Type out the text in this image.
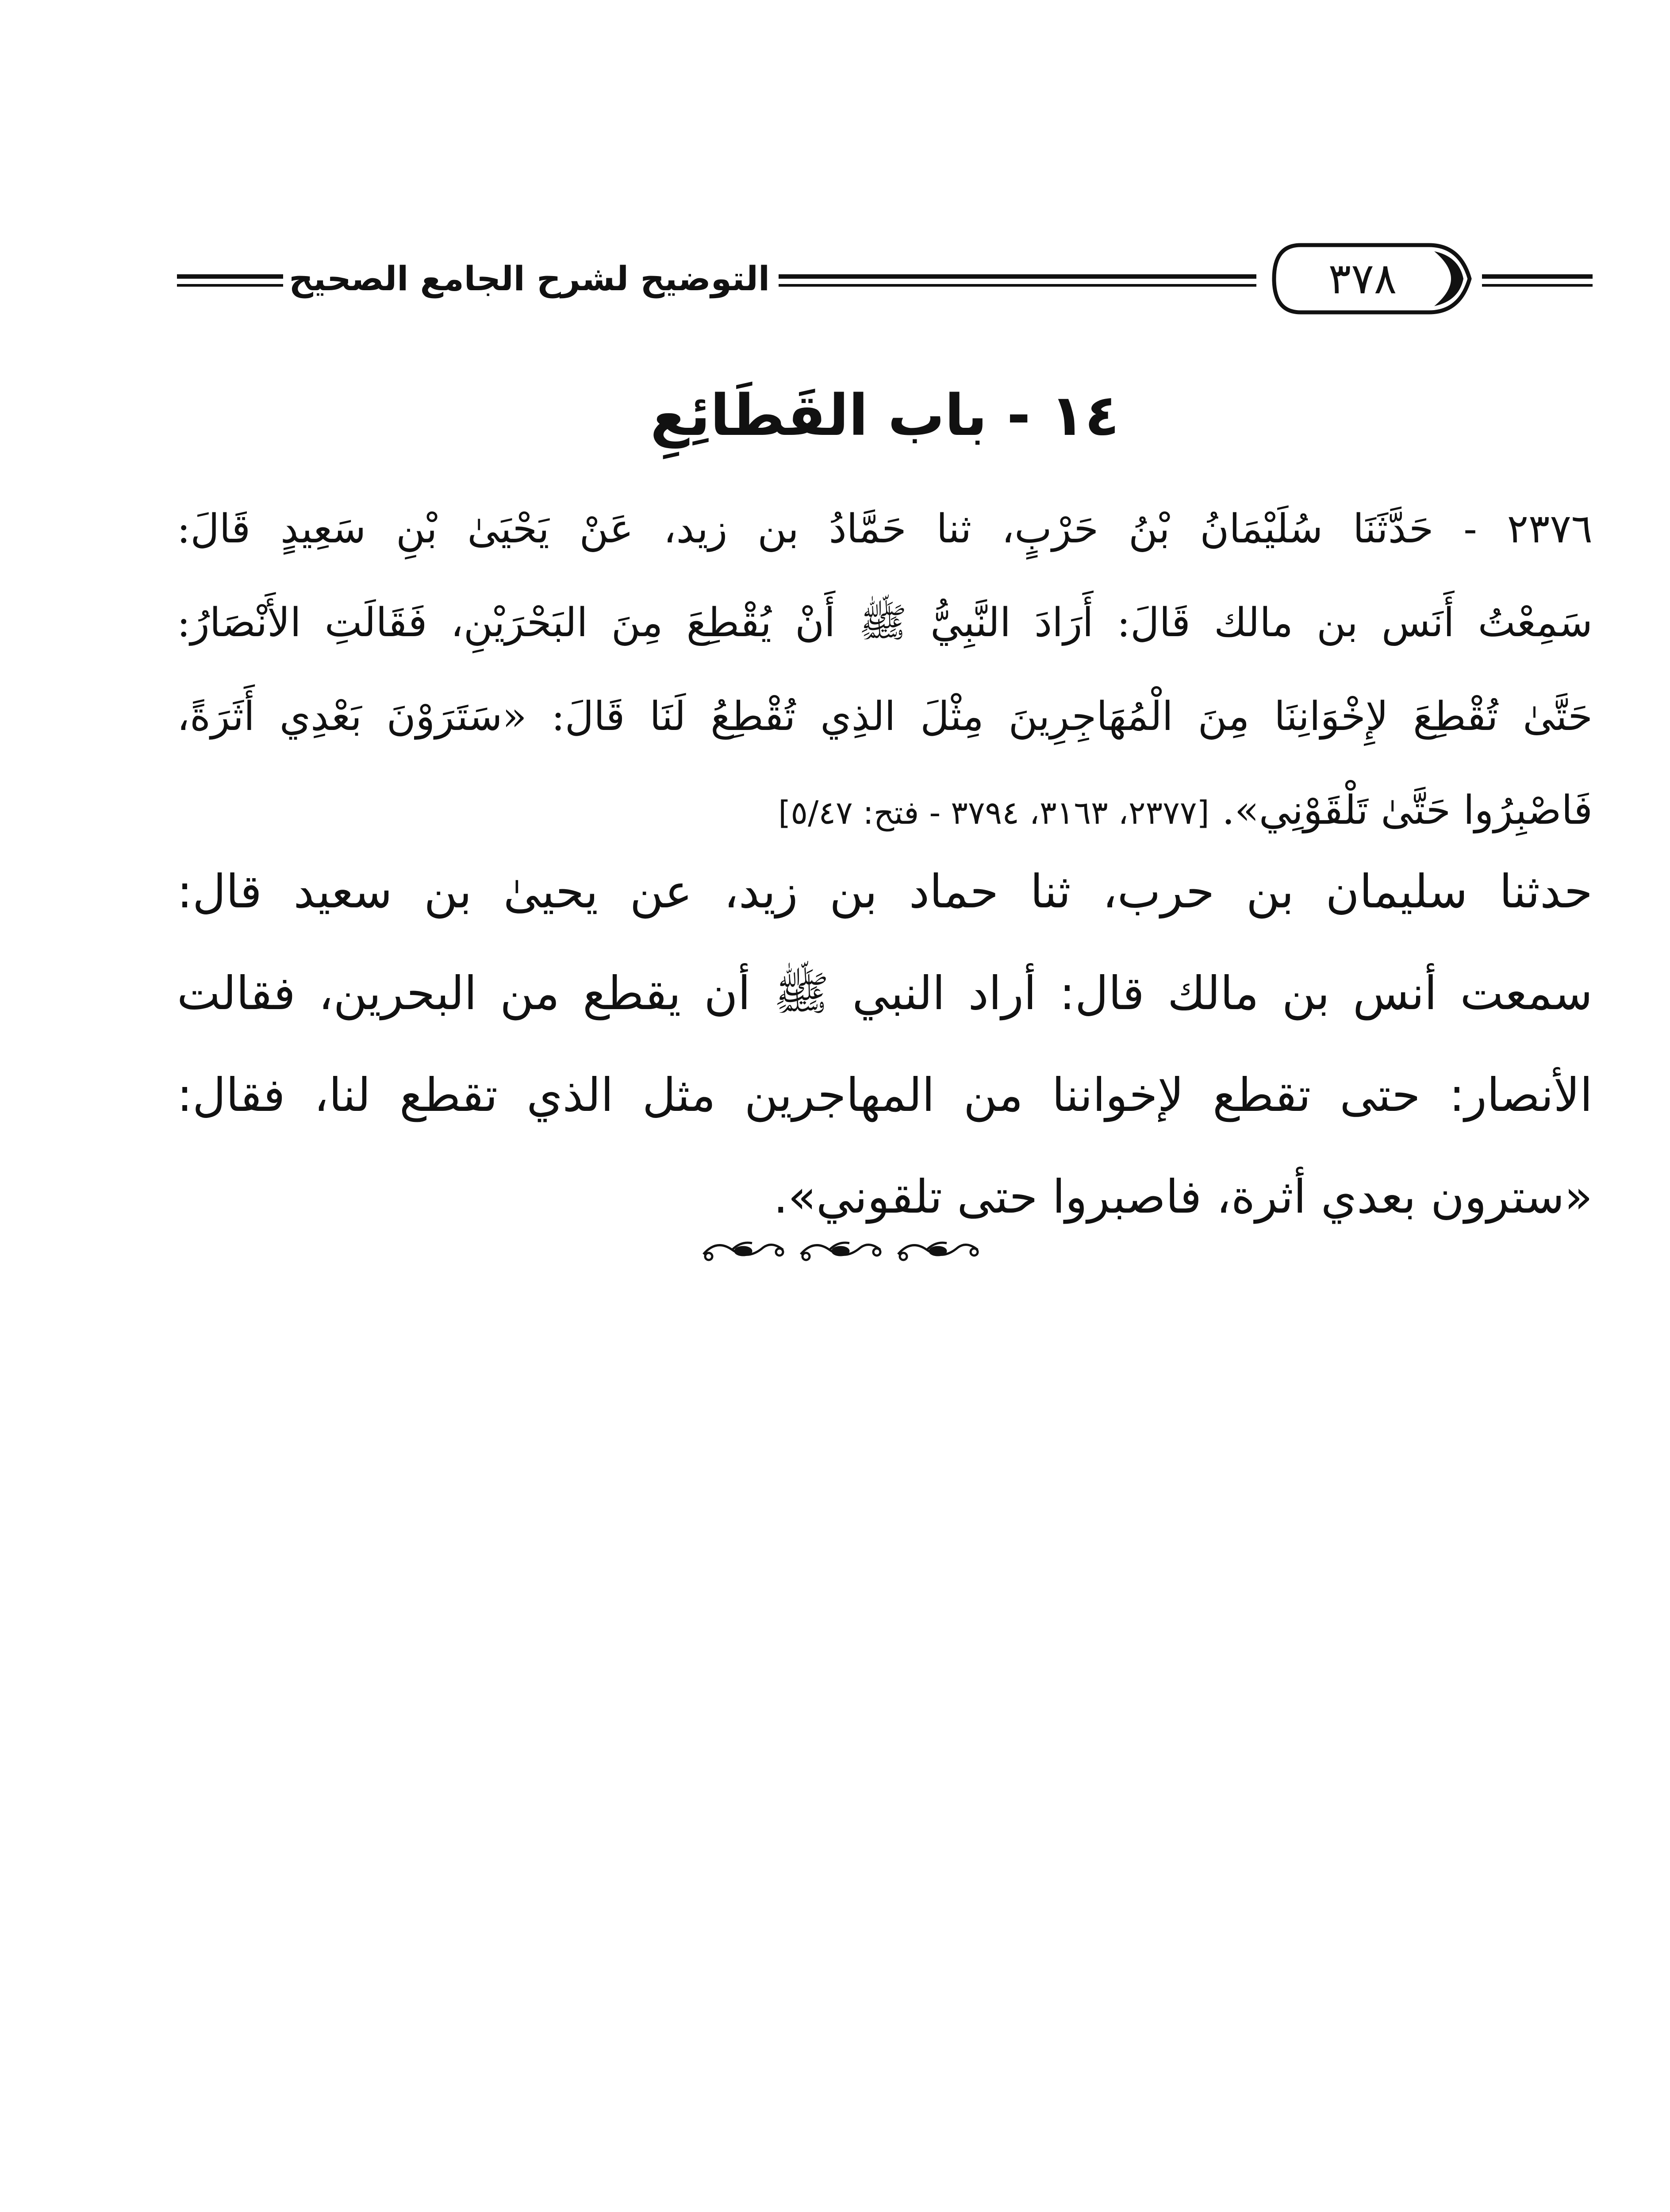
التوضيح لشرح الجامع الصحيح	٣٧٨
١٤ - باب القَطَائِعِ
٢٣٧٦ - حَدَّثَنَا سُلَيْمَانُ بْنُ حَرْبٍ، ثنا حَمَّادُ بن زيد، عَنْ يَحْيَىٰ بْنِ سَعِيدٍ قَالَ:
سَمِعْتُ أَنَس بن مالك قَالَ: أَرَادَ النَّبِيُّ ﷺ أَنْ يُقْطِعَ مِنَ البَحْرَيْنِ، فَقَالَتِ الأَنْصَارُ:
حَتَّىٰ تُقْطِعَ لإِخْوَانِنَا مِنَ الْمُهَاجِرِينَ مِثْلَ الذِي تُقْطِعُ لَنَا قَالَ: «سَتَرَوْنَ بَعْدِي أَثَرَةً،
فَاصْبِرُوا حَتَّىٰ تَلْقَوْنِي». [٢٣٧٧، ٣١٦٣، ٣٧٩٤ - فتح: ٥/٤٧]
حدثنا سليمان بن حرب، ثنا حماد بن زيد، عن يحيىٰ بن سعيد قال:
سمعت أنس بن مالك قال: أراد النبي ﷺ أن يقطع من البحرين، فقالت
الأنصار: حتى تقطع لإخواننا من المهاجرين مثل الذي تقطع لنا، فقال:
«سترون بعدي أثرة، فاصبروا حتى تلقوني».
